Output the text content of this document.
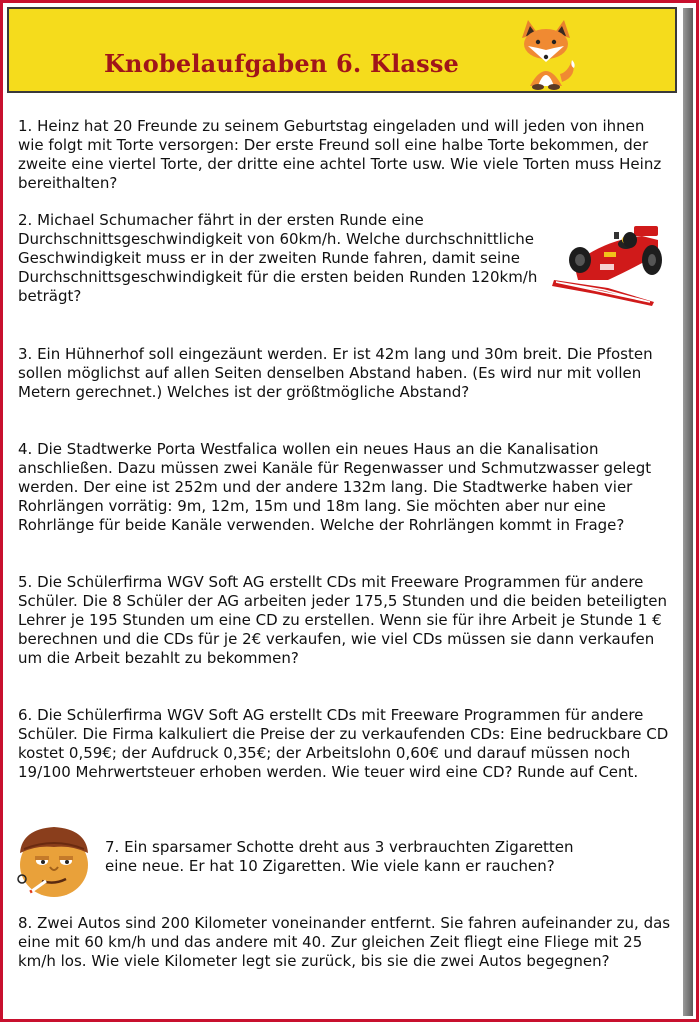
Knobelaufgaben 6. Klasse

1. Heinz hat 20 Freunde zu seinem Geburtstag eingeladen und will jeden von ihnen wie folgt mit Torte versorgen: Der erste Freund soll eine halbe Torte bekommen, der zweite eine viertel Torte, der dritte eine achtel Torte usw. Wie viele Torten muss Heinz bereithalten?

2. Michael Schumacher fährt in der ersten Runde eine Durchschnittsgeschwindigkeit von 60km/h. Welche durchschnittliche Geschwindigkeit muss er in der zweiten Runde fahren, damit seine Durchschnittsgeschwindigkeit für die ersten beiden Runden 120km/h beträgt?

3. Ein Hühnerhof soll eingezäunt werden. Er ist 42m lang und 30m breit. Die Pfosten sollen möglichst auf allen Seiten denselben Abstand haben. (Es wird nur mit vollen Metern gerechnet.) Welches ist der größtmögliche Abstand?

4. Die Stadtwerke Porta Westfalica wollen ein neues Haus an die Kanalisation anschließen. Dazu müssen zwei Kanäle für Regenwasser und Schmutzwasser gelegt werden. Der eine ist 252m und der andere 132m lang. Die Stadtwerke haben vier Rohrlängen vorrätig: 9m, 12m, 15m und 18m lang. Sie möchten aber nur eine Rohrlänge für beide Kanäle verwenden. Welche der Rohrlängen kommt in Frage?

5. Die Schülerfirma WGV Soft AG erstellt CDs mit Freeware Programmen für andere Schüler. Die 8 Schüler der AG arbeiten jeder 175,5 Stunden und die beiden beteiligten Lehrer je 195 Stunden um eine CD zu erstellen. Wenn sie für ihre Arbeit je Stunde 1 € berechnen und die CDs für je 2€ verkaufen, wie viel CDs müssen sie dann verkaufen um die Arbeit bezahlt zu bekommen?

6. Die Schülerfirma WGV Soft AG erstellt CDs mit Freeware Programmen für andere Schüler. Die Firma kalkuliert die Preise der zu verkaufenden CDs: Eine bedruckbare CD kostet 0,59€; der Aufdruck 0,35€; der Arbeitslohn 0,60€ und darauf müssen noch 19/100 Mehrwertsteuer erhoben werden. Wie teuer wird eine CD? Runde auf Cent.

7. Ein sparsamer Schotte dreht aus 3 verbrauchten Zigaretten eine neue. Er hat 10 Zigaretten. Wie viele kann er rauchen?

8. Zwei Autos sind 200 Kilometer voneinander entfernt. Sie fahren aufeinander zu, das eine mit 60 km/h und das andere mit 40. Zur gleichen Zeit fliegt eine Fliege mit 25 km/h los. Wie viele Kilometer legt sie zurück, bis sie die zwei Autos begegnen?
